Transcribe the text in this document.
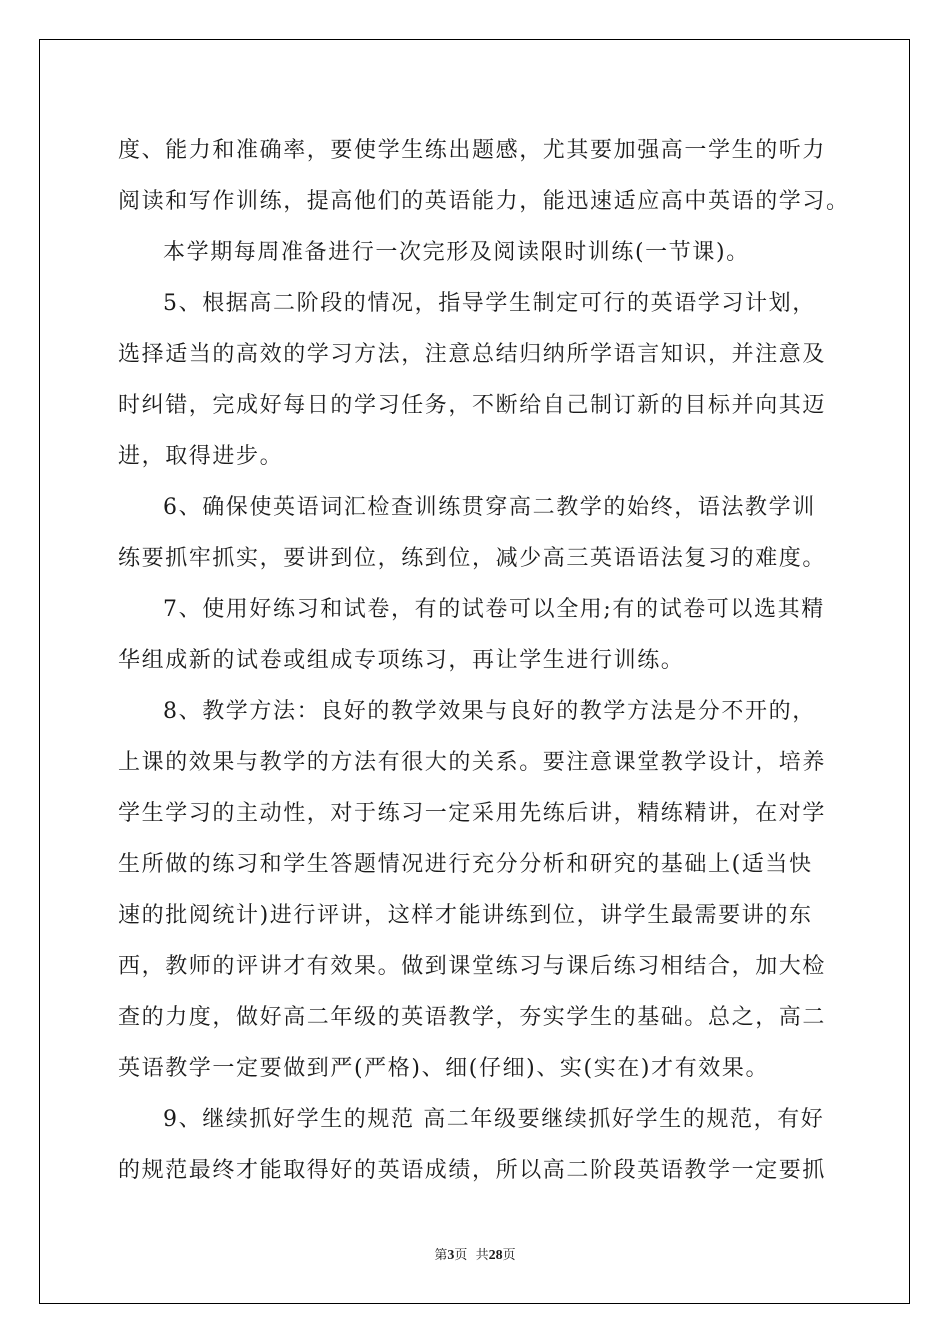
度、能力和准确率，要使学生练出题感，尤其要加强高一学生的听力
阅读和写作训练，提高他们的英语能力，能迅速适应高中英语的学习。
本学期每周准备进行一次完形及阅读限时训练(一节课)。
5、根据高二阶段的情况，指导学生制定可行的英语学习计划，
选择适当的高效的学习方法，注意总结归纳所学语言知识，并注意及
时纠错，完成好每日的学习任务，不断给自己制订新的目标并向其迈
进，取得进步。
6、确保使英语词汇检查训练贯穿高二教学的始终，语法教学训
练要抓牢抓实，要讲到位，练到位，减少高三英语语法复习的难度。
7、使用好练习和试卷，有的试卷可以全用;有的试卷可以选其精
华组成新的试卷或组成专项练习，再让学生进行训练。
8、教学方法：良好的教学效果与良好的教学方法是分不开的，
上课的效果与教学的方法有很大的关系。要注意课堂教学设计，培养
学生学习的主动性，对于练习一定采用先练后讲，精练精讲，在对学
生所做的练习和学生答题情况进行充分分析和研究的基础上(适当快
速的批阅统计)进行评讲，这样才能讲练到位，讲学生最需要讲的东
西，教师的评讲才有效果。做到课堂练习与课后练习相结合，加大检
查的力度，做好高二年级的英语教学，夯实学生的基础。总之，高二
英语教学一定要做到严(严格)、细(仔细)、实(实在)才有效果。
9、继续抓好学生的规范 高二年级要继续抓好学生的规范，有好
的规范最终才能取得好的英语成绩，所以高二阶段英语教学一定要抓
第3页  共28页
